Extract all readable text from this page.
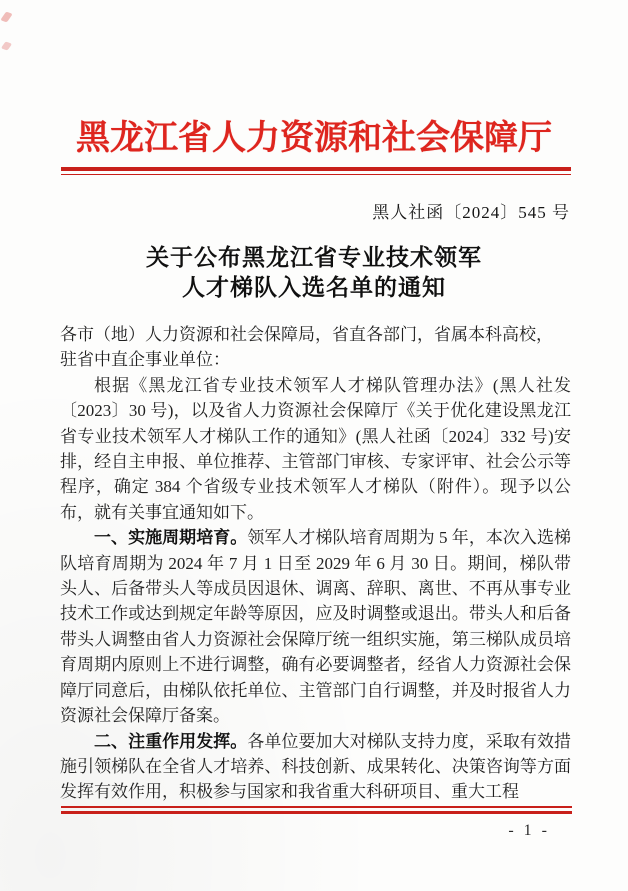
黑龙江省人力资源和社会保障厅
黑人社函〔2024〕545 号
关于公布黑龙江省专业技术领军
人才梯队入选名单的通知

各市（地）人力资源和社会保障局，省直各部门，省属本科高校，
驻省中直企事业单位：

根据《黑龙江省专业技术领军人才梯队管理办法》(黑人社发〔2023〕30 号)，以及省人力资源社会保障厅《关于优化建设黑龙江省专业技术领军人才梯队工作的通知》(黑人社函〔2024〕332 号)安排，经自主申报、单位推荐、主管部门审核、专家评审、社会公示等程序，确定 384 个省级专业技术领军人才梯队（附件）。现予以公布，就有关事宜通知如下。

一、实施周期培育。领军人才梯队培育周期为 5 年，本次入选梯队培育周期为 2024 年 7 月 1 日至 2029 年 6 月 30 日。期间，梯队带头人、后备带头人等成员因退休、调离、辞职、离世、不再从事专业技术工作或达到规定年龄等原因，应及时调整或退出。带头人和后备带头人调整由省人力资源社会保障厅统一组织实施，第三梯队成员培育周期内原则上不进行调整，确有必要调整者，经省人力资源社会保障厅同意后，由梯队依托单位、主管部门自行调整，并及时报省人力资源社会保障厅备案。

二、注重作用发挥。各单位要加大对梯队支持力度，采取有效措施引领梯队在全省人才培养、科技创新、成果转化、决策咨询等方面发挥有效作用，积极参与国家和我省重大科研项目、重大工程

- 1 -
